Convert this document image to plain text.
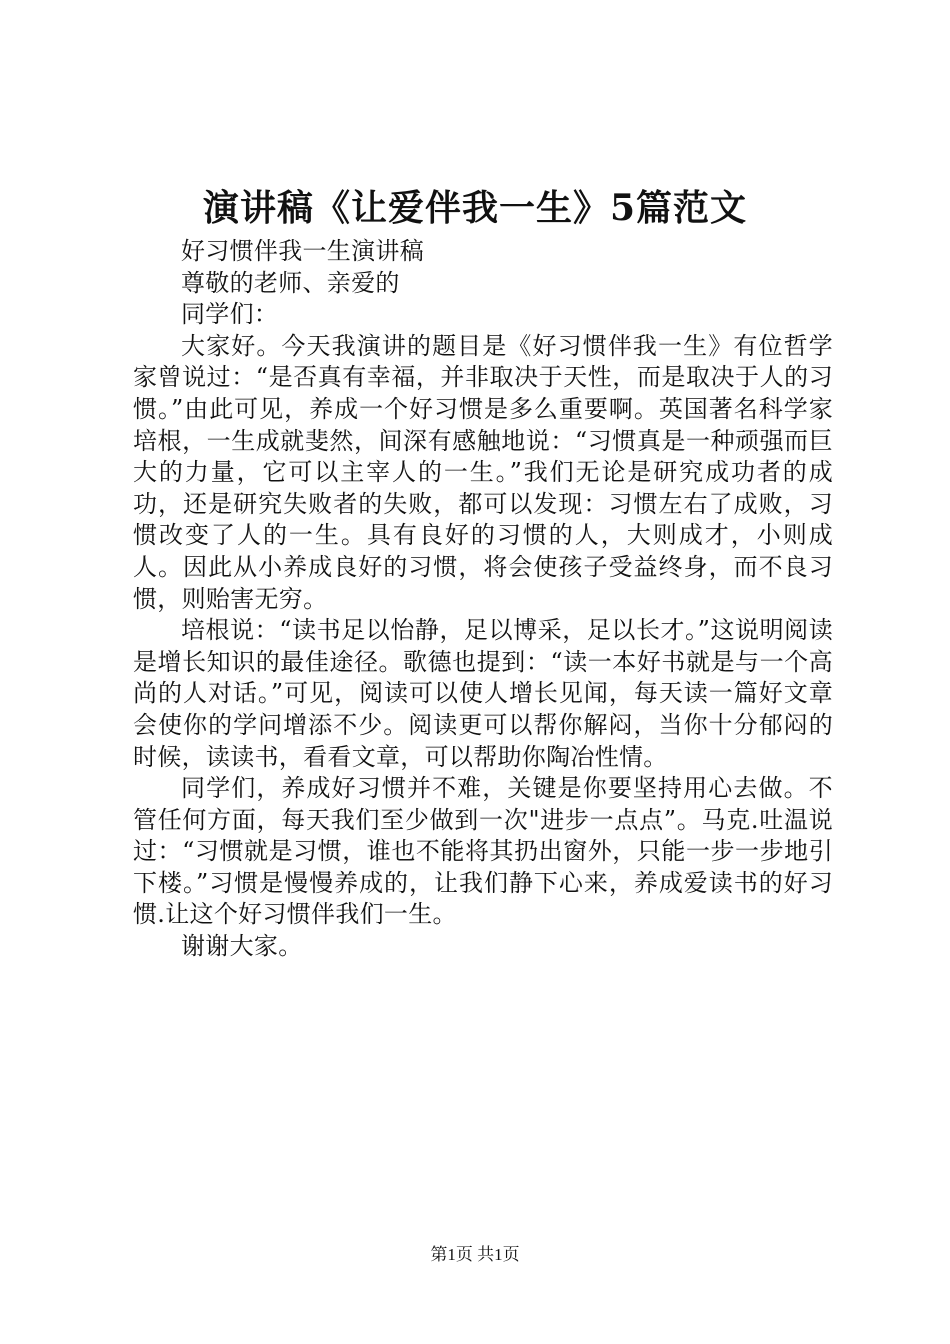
演讲稿《让爱伴我一生》5篇范文

好习惯伴我一生演讲稿

尊敬的老师、亲爱的

同学们：

大家好。今天我演讲的题目是《好习惯伴我一生》有位哲学家曾说过：“是否真有幸福，并非取决于天性，而是取决于人的习惯。”由此可见，养成一个好习惯是多么重要啊。英国著名科学家培根，一生成就斐然，间深有感触地说：“习惯真是一种顽强而巨大的力量，它可以主宰人的一生。”我们无论是研究成功者的成功，还是研究失败者的失败，都可以发现：习惯左右了成败，习惯改变了人的一生。具有良好的习惯的人，大则成才，小则成人。因此从小养成良好的习惯，将会使孩子受益终身，而不良习惯，则贻害无穷。

培根说：“读书足以怡静，足以博采，足以长才。”这说明阅读是增长知识的最佳途径。歌德也提到：“读一本好书就是与一个高尚的人对话。”可见，阅读可以使人增长见闻，每天读一篇好文章会使你的学问增添不少。阅读更可以帮你解闷，当你十分郁闷的时候，读读书，看看文章，可以帮助你陶冶性情。

同学们，养成好习惯并不难，关键是你要坚持用心去做。不管任何方面，每天我们至少做到一次"进步一点点”。马克.吐温说过：“习惯就是习惯，谁也不能将其扔出窗外，只能一步一步地引下楼。”习惯是慢慢养成的，让我们静下心来，养成爱读书的好习惯.让这个好习惯伴我们一生。

谢谢大家。

第1页 共1页
